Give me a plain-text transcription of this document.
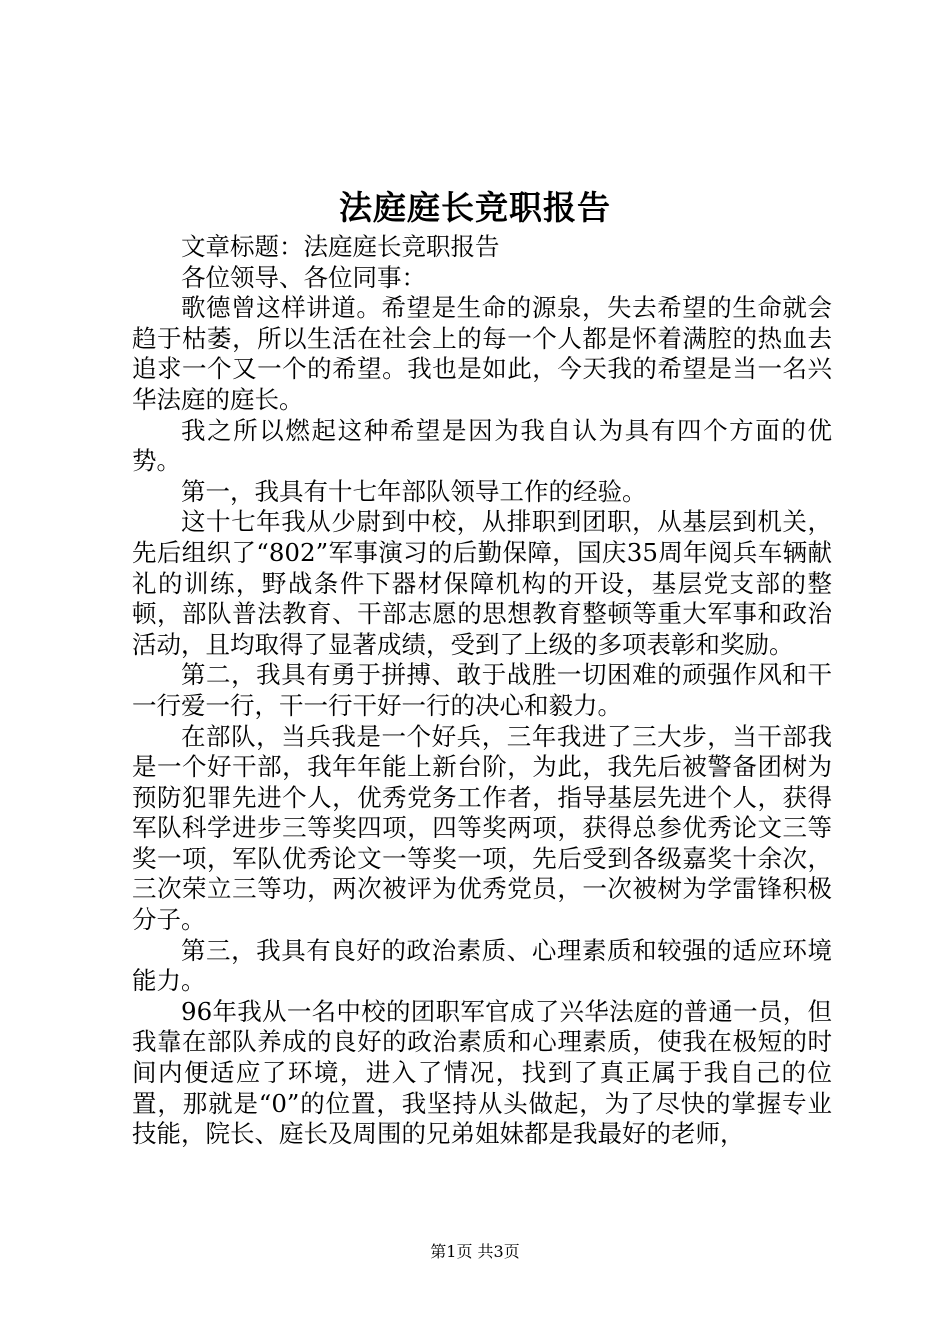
法庭庭长竞职报告

文章标题：法庭庭长竞职报告

各位领导、各位同事：

歌德曾这样讲道。希望是生命的源泉，失去希望的生命就会趋于枯萎，所以生活在社会上的每一个人都是怀着满腔的热血去追求一个又一个的希望。我也是如此，今天我的希望是当一名兴华法庭的庭长。

我之所以燃起这种希望是因为我自认为具有四个方面的优势。

第一，我具有十七年部队领导工作的经验。

这十七年我从少尉到中校，从排职到团职，从基层到机关，先后组织了“802”军事演习的后勤保障，国庆35周年阅兵车辆献礼的训练，野战条件下器材保障机构的开设，基层党支部的整顿，部队普法教育、干部志愿的思想教育整顿等重大军事和政治活动，且均取得了显著成绩，受到了上级的多项表彰和奖励。

第二，我具有勇于拼搏、敢于战胜一切困难的顽强作风和干一行爱一行，干一行干好一行的决心和毅力。

在部队，当兵我是一个好兵，三年我进了三大步，当干部我是一个好干部，我年年能上新台阶，为此，我先后被警备团树为预防犯罪先进个人，优秀党务工作者，指导基层先进个人，获得军队科学进步三等奖四项，四等奖两项，获得总参优秀论文三等奖一项，军队优秀论文一等奖一项，先后受到各级嘉奖十余次，三次荣立三等功，两次被评为优秀党员，一次被树为学雷锋积极分子。

第三，我具有良好的政治素质、心理素质和较强的适应环境能力。

96年我从一名中校的团职军官成了兴华法庭的普通一员，但我靠在部队养成的良好的政治素质和心理素质，使我在极短的时间内便适应了环境，进入了情况，找到了真正属于我自己的位置，那就是“0”的位置，我坚持从头做起，为了尽快的掌握专业技能，院长、庭长及周围的兄弟姐妹都是我最好的老师，

第1页 共3页
